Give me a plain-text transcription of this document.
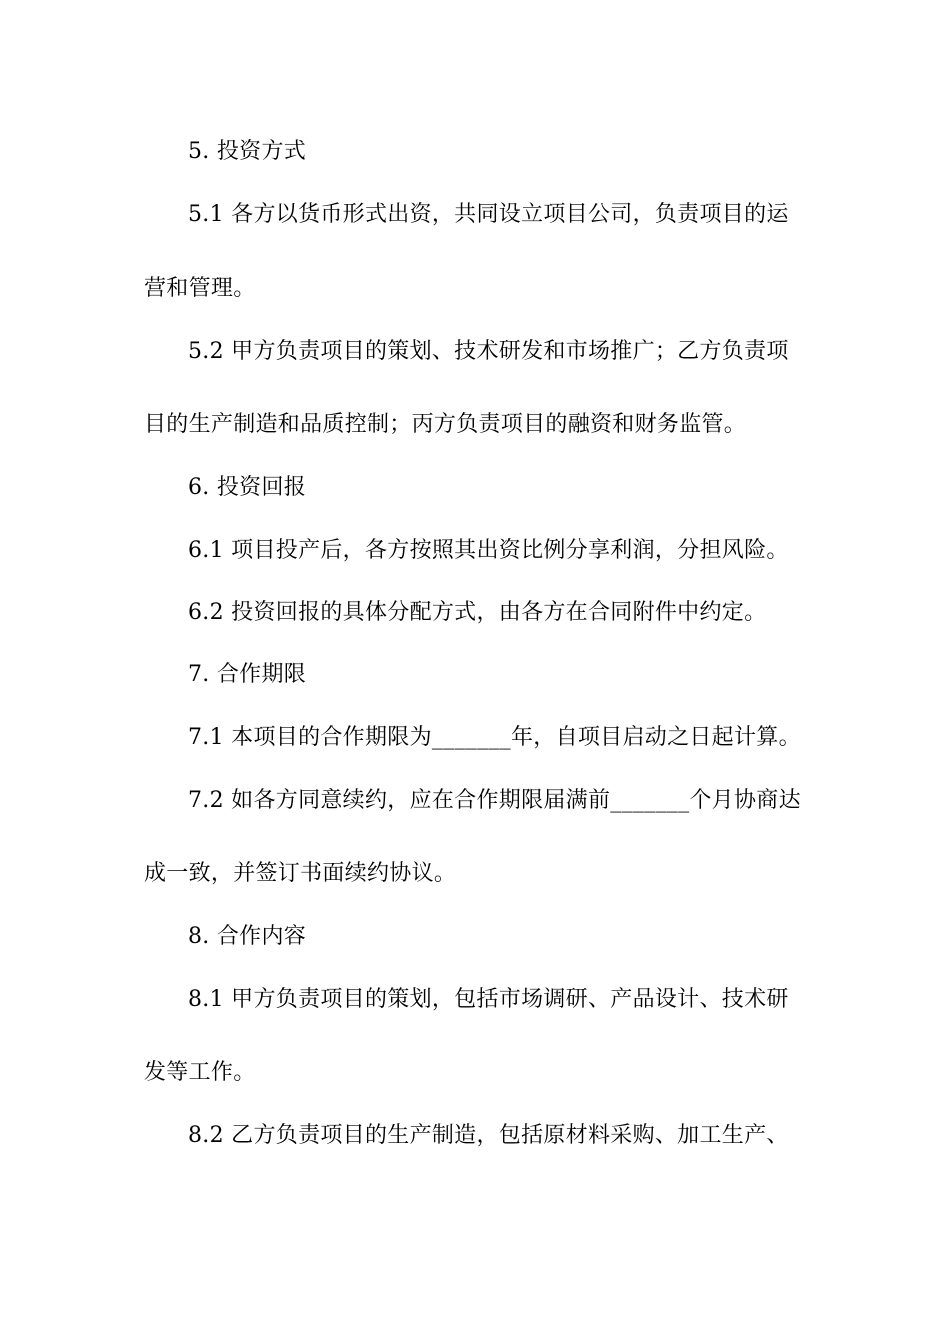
5. 投资方式
5.1 各方以货币形式出资，共同设立项目公司，负责项目的运
营和管理。
5.2 甲方负责项目的策划、技术研发和市场推广；乙方负责项
目的生产制造和品质控制；丙方负责项目的融资和财务监管。
6. 投资回报
6.1 项目投产后，各方按照其出资比例分享利润，分担风险。
6.2 投资回报的具体分配方式，由各方在合同附件中约定。
7. 合作期限
7.1 本项目的合作期限为_______年，自项目启动之日起计算。
7.2 如各方同意续约，应在合作期限届满前_______个月协商达
成一致，并签订书面续约协议。
8. 合作内容
8.1 甲方负责项目的策划，包括市场调研、产品设计、技术研
发等工作。
8.2 乙方负责项目的生产制造，包括原材料采购、加工生产、
